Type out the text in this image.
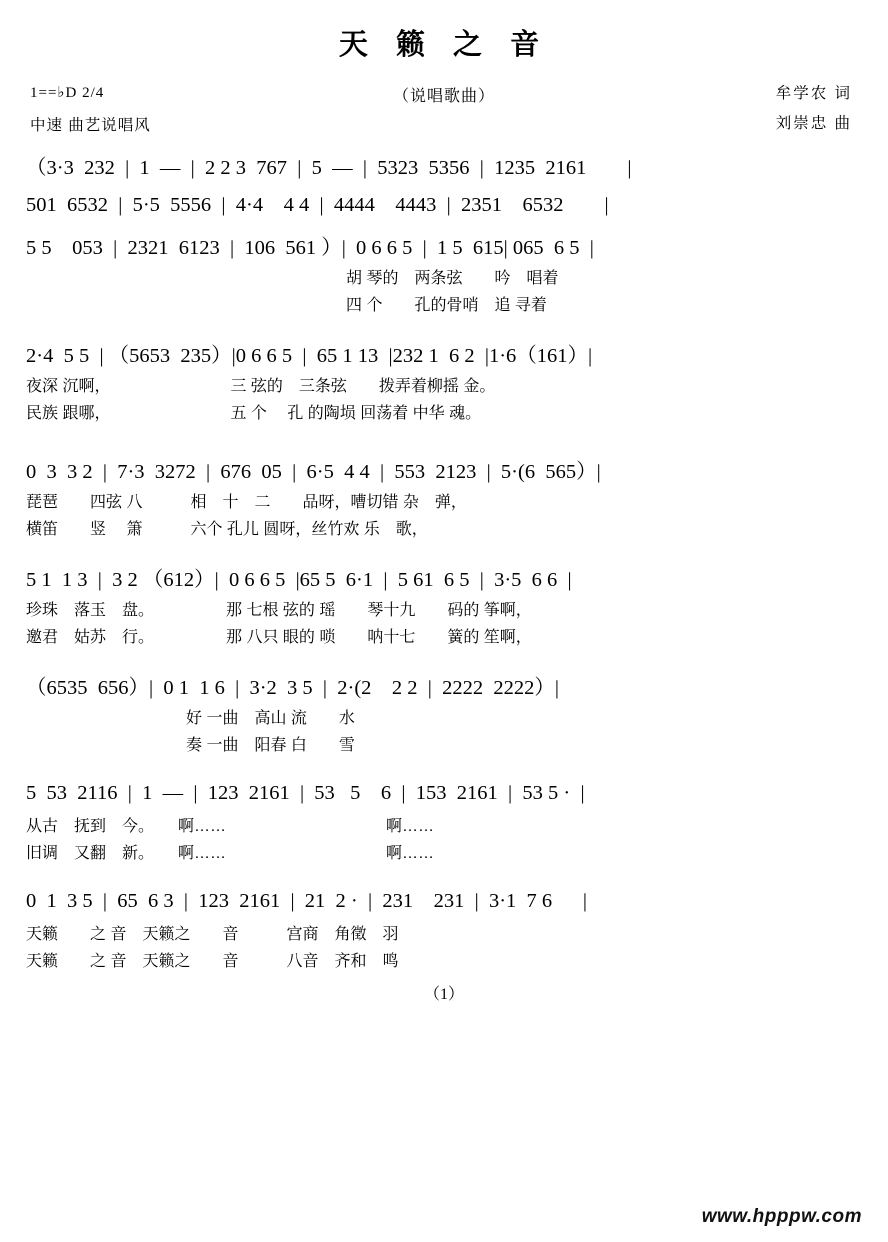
天 籁 之 音
1==♭D 2/4
中速 曲艺说唱风
（说唱歌曲）	牟学农 词
刘崇忠 曲
（3·3  232  |  1  —  |  2 2 3  767  |  5  —  |  5323  5356  |  1235  2161        |
501  6532  |  5·5  5556  |  4·4    4 4  |  4444    4443  |  2351    6532        |
5 5    053  |  2321  6123  |  106  561 ）|  0 6 6 5  |  1 5  615| 065  6 5  |
　　　　　　　　　　　　　　　　　　　　胡 琴的　两条弦　　吟　唱着
　　　　　　　　　　　　　　　　　　　　四 个　　孔的骨哨　追 寻着
2·4  5 5  | （5653  235）|0 6 6 5  |  65 1 13  |232 1  6 2  |1·6（161）|
夜深 沉啊，　　　　　　　　三 弦的　三条弦　　拨弄着柳摇 金。
民族 跟哪，　　　　　　　　五 个　 孔 的陶埙 回荡着 中华 魂。
0  3  3 2  |  7·3  3272  |  676  05  |  6·5  4 4  |  553  2123  |  5·(6  565）|
琵琶　　四弦 八　　　相　十　二　　品呀，嘈切错 杂　弹，
横笛　　竖　 箫　　　六个 孔儿 圆呀，丝竹欢 乐　歌，
5 1  1 3  |  3 2 （612）|  0 6 6 5  |65 5  6·1  |  5 61  6 5  |  3·5  6 6  |
珍珠　落玉　盘。　　　　　那 七根 弦的 瑶　　琴十九　　码的 筝啊，
邀君　姑苏　行。　　　　　那 八只 眼的 唢　　呐十七　　簧的 笙啊，
（6535  656）|  0 1  1 6  |  3·2  3 5  |  2·(2    2 2  |  2222  2222）|
　　　　　　　　　　好 一曲　高山 流　　水
　　　　　　　　　　奏 一曲　阳春 白　　雪
5  53  2116  |  1  —  |  123  2161  |  53   5    6  |  153  2161  |  53 5 ·  |
从古　抚到　今。　　啊……　　　　　　　　　　啊……
旧调　又翻　新。　　啊……　　　　　　　　　　啊……
0  1  3 5  |  65  6 3  |  123  2161  |  21  2 ·  |  231    231  |  3·1  7 6      |
天籁　　之 音　天籁之　　音　　　宫商　角徵　羽
天籁　　之 音　天籁之　　音　　　八音　齐和　鸣
（1）
www.hpppw.com
